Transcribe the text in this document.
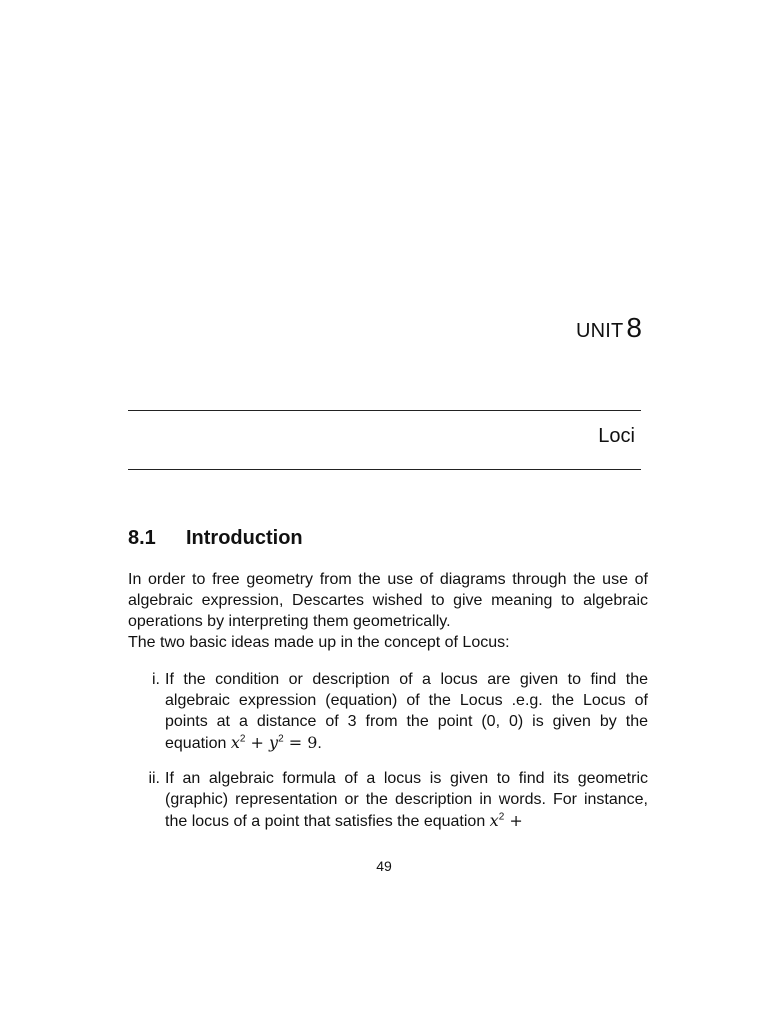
UNIT 8
Loci
8.1	Introduction

In order to free geometry from the use of diagrams through the use of algebraic expression, Descartes wished to give meaning to algebraic operations by interpreting them geometrically.

The two basic ideas made up in the concept of Locus:

i. If the condition or description of a locus are given to find the algebraic expression (equation) of the Locus .e.g. the Locus of points at a distance of 3 from the point (0, 0) is given by the equation $x^2 + y^2 = 9$.
ii. If an algebraic formula of a locus is given to find its geometric (graphic) representation or the description in words. For instance, the locus of a point that satisfies the equation $x^2$ +
49
